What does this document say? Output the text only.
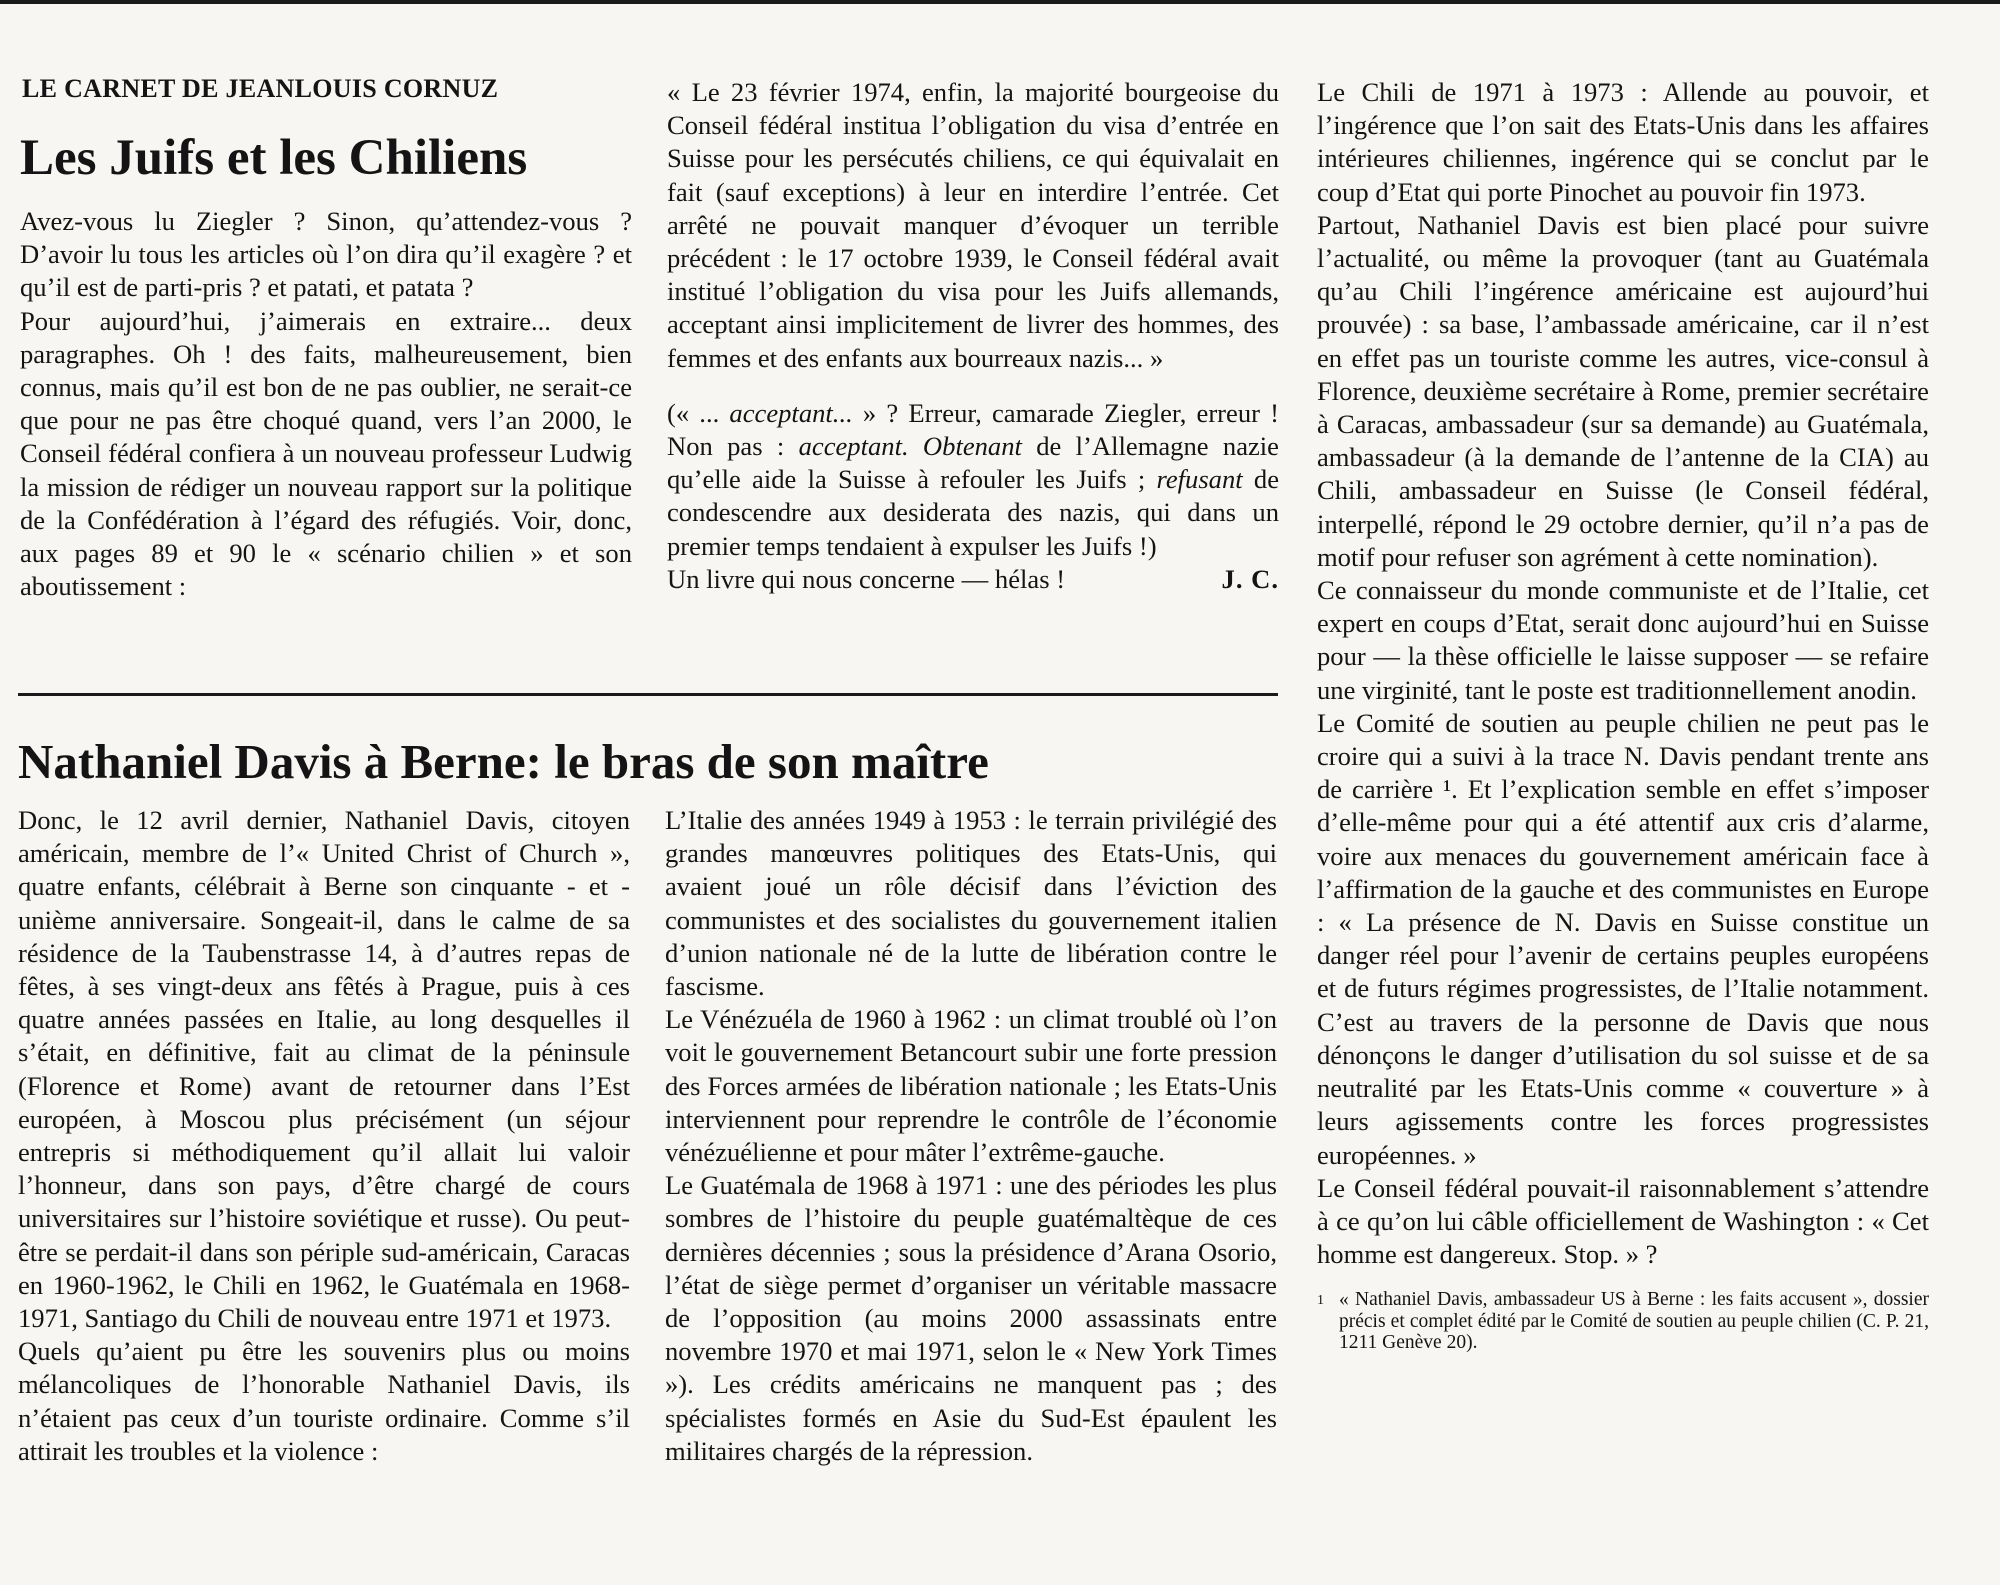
LE CARNET DE JEANLOUIS CORNUZ

Les Juifs et les Chiliens

Avez-vous lu Ziegler ? Sinon, qu’attendez-vous ? D’avoir lu tous les articles où l’on dira qu’il exagère ? et qu’il est de parti-pris ? et patati, et patata ?

Pour aujourd’hui, j’aimerais en extraire... deux paragraphes. Oh ! des faits, malheureusement, bien connus, mais qu’il est bon de ne pas oublier, ne serait-ce que pour ne pas être choqué quand, vers l’an 2000, le Conseil fédéral confiera à un nouveau professeur Ludwig la mission de rédiger un nouveau rapport sur la politique de la Confédération à l’égard des réfugiés. Voir, donc, aux pages 89 et 90 le « scénario chilien » et son aboutissement :

« Le 23 février 1974, enfin, la majorité bourgeoise du Conseil fédéral institua l’obligation du visa d’entrée en Suisse pour les persécutés chiliens, ce qui équivalait en fait (sauf exceptions) à leur en interdire l’entrée. Cet arrêté ne pouvait manquer d’évoquer un terrible précédent : le 17 octobre 1939, le Conseil fédéral avait institué l’obligation du visa pour les Juifs allemands, acceptant ainsi implicitement de livrer des hommes, des femmes et des enfants aux bourreaux nazis... »

(« ... acceptant... » ? Erreur, camarade Ziegler, erreur ! Non pas : acceptant. Obtenant de l’Allemagne nazie qu’elle aide la Suisse à refouler les Juifs ; refusant de condescendre aux desiderata des nazis, qui dans un premier temps tendaient à expulser les Juifs !)

Un livre qui nous concerne — hélas !	J. C.
Nathaniel Davis à Berne: le bras de son maître

Donc, le 12 avril dernier, Nathaniel Davis, citoyen américain, membre de l’« United Christ of Church », quatre enfants, célébrait à Berne son cinquante - et - unième anniversaire. Songeait-il, dans le calme de sa résidence de la Taubenstrasse 14, à d’autres repas de fêtes, à ses vingt-deux ans fêtés à Prague, puis à ces quatre années passées en Italie, au long desquelles il s’était, en définitive, fait au climat de la péninsule (Florence et Rome) avant de retourner dans l’Est européen, à Moscou plus précisément (un séjour entrepris si méthodiquement qu’il allait lui valoir l’honneur, dans son pays, d’être chargé de cours universitaires sur l’histoire soviétique et russe). Ou peut-être se perdait-il dans son périple sud-américain, Caracas en 1960-1962, le Chili en 1962, le Guatémala en 1968-1971, Santiago du Chili de nouveau entre 1971 et 1973.

Quels qu’aient pu être les souvenirs plus ou moins mélancoliques de l’honorable Nathaniel Davis, ils n’étaient pas ceux d’un touriste ordinaire. Comme s’il attirait les troubles et la violence :

L’Italie des années 1949 à 1953 : le terrain privilégié des grandes manœuvres politiques des Etats-Unis, qui avaient joué un rôle décisif dans l’éviction des communistes et des socialistes du gouvernement italien d’union nationale né de la lutte de libération contre le fascisme.

Le Vénézuéla de 1960 à 1962 : un climat troublé où l’on voit le gouvernement Betancourt subir une forte pression des Forces armées de libération nationale ; les Etats-Unis interviennent pour reprendre le contrôle de l’économie vénézuélienne et pour mâter l’extrême-gauche.

Le Guatémala de 1968 à 1971 : une des périodes les plus sombres de l’histoire du peuple guatémaltèque de ces dernières décennies ; sous la présidence d’Arana Osorio, l’état de siège permet d’organiser un véritable massacre de l’opposition (au moins 2000 assassinats entre novembre 1970 et mai 1971, selon le « New York Times »). Les crédits américains ne manquent pas ; des spécialistes formés en Asie du Sud-Est épaulent les militaires chargés de la répression.

Le Chili de 1971 à 1973 : Allende au pouvoir, et l’ingérence que l’on sait des Etats-Unis dans les affaires intérieures chiliennes, ingérence qui se conclut par le coup d’Etat qui porte Pinochet au pouvoir fin 1973.

Partout, Nathaniel Davis est bien placé pour suivre l’actualité, ou même la provoquer (tant au Guatémala qu’au Chili l’ingérence américaine est aujourd’hui prouvée) : sa base, l’ambassade américaine, car il n’est en effet pas un touriste comme les autres, vice-consul à Florence, deuxième secrétaire à Rome, premier secrétaire à Caracas, ambassadeur (sur sa demande) au Guatémala, ambassadeur (à la demande de l’antenne de la CIA) au Chili, ambassadeur en Suisse (le Conseil fédéral, interpellé, répond le 29 octobre dernier, qu’il n’a pas de motif pour refuser son agrément à cette nomination).

Ce connaisseur du monde communiste et de l’Italie, cet expert en coups d’Etat, serait donc aujourd’hui en Suisse pour — la thèse officielle le laisse supposer — se refaire une virginité, tant le poste est traditionnellement anodin.

Le Comité de soutien au peuple chilien ne peut pas le croire qui a suivi à la trace N. Davis pendant trente ans de carrière ¹. Et l’explication semble en effet s’imposer d’elle-même pour qui a été attentif aux cris d’alarme, voire aux menaces du gouvernement américain face à l’affirmation de la gauche et des communistes en Europe : « La présence de N. Davis en Suisse constitue un danger réel pour l’avenir de certains peuples européens et de futurs régimes progressistes, de l’Italie notamment. C’est au travers de la personne de Davis que nous dénonçons le danger d’utilisation du sol suisse et de sa neutralité par les Etats-Unis comme « couverture » à leurs agissements contre les forces progressistes européennes. »

Le Conseil fédéral pouvait-il raisonnablement s’attendre à ce qu’on lui câble officiellement de Washington : « Cet homme est dangereux. Stop. » ?

1 « Nathaniel Davis, ambassadeur US à Berne : les faits accusent », dossier précis et complet édité par le Comité de soutien au peuple chilien (C. P. 21, 1211 Genève 20).
